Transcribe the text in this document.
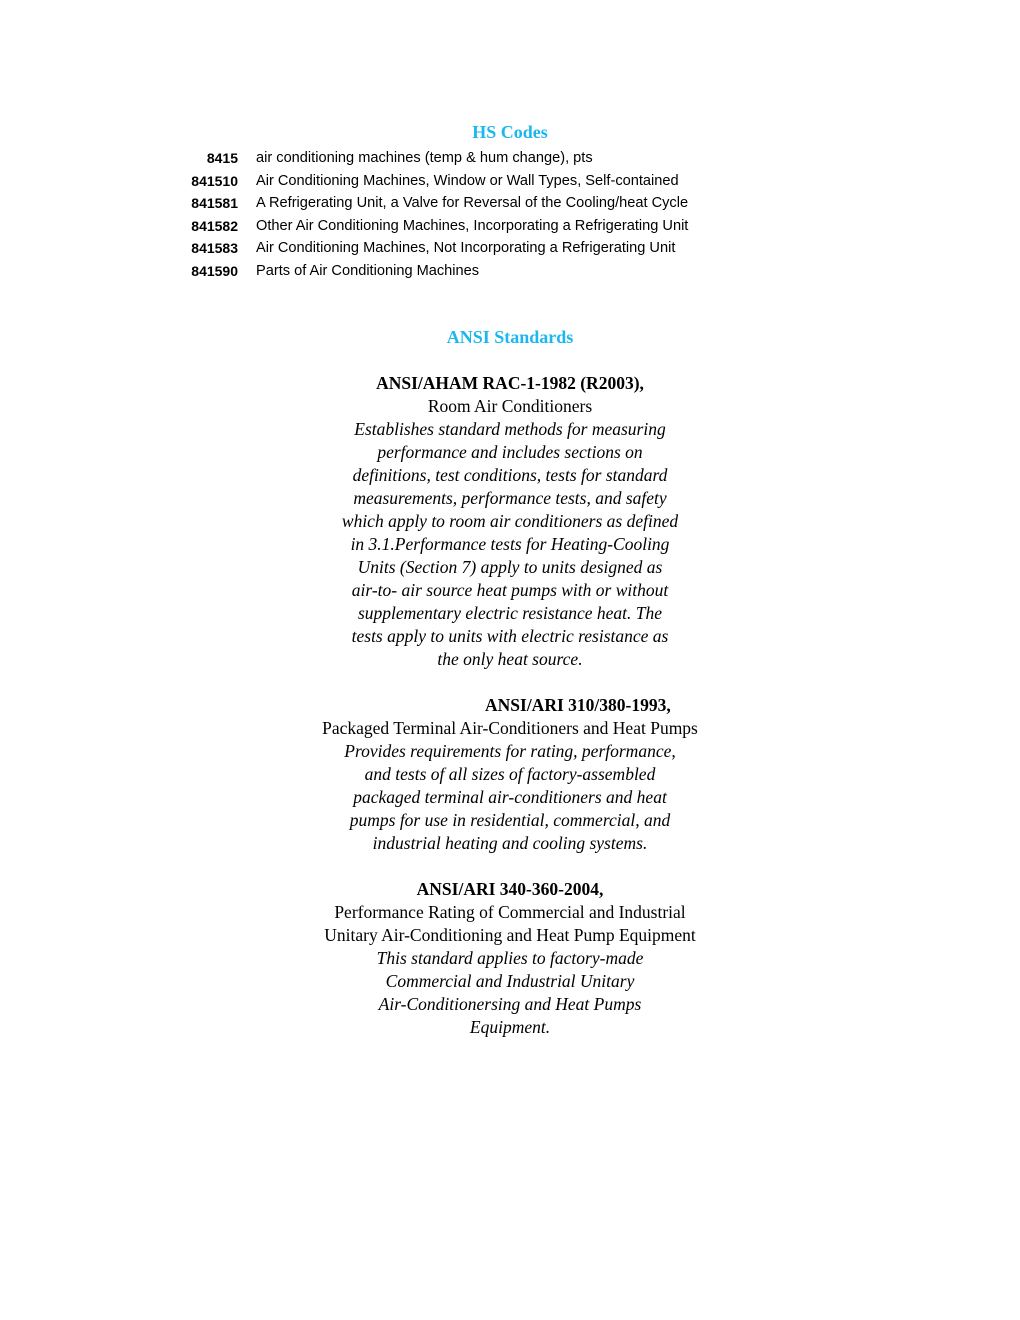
HS Codes
8415	air conditioning machines (temp & hum change), pts
841510	Air Conditioning Machines, Window or Wall Types, Self-contained
841581	A Refrigerating Unit, a Valve for Reversal of the Cooling/heat Cycle
841582	Other Air Conditioning Machines, Incorporating a Refrigerating Unit
841583	Air Conditioning Machines, Not Incorporating a Refrigerating Unit
841590	Parts of Air Conditioning Machines
ANSI Standards
ANSI/AHAM RAC-1-1982 (R2003),
Room Air Conditioners
Establishes standard methods for measuring
performance and includes sections on
definitions, test conditions, tests for standard
measurements, performance tests, and safety
which apply to room air conditioners as defined
in 3.1.Performance tests for Heating-Cooling
Units (Section 7) apply to units designed as
air-to- air source heat pumps with or without
supplementary electric resistance heat. The
tests apply to units with electric resistance as
the only heat source.
ANSI/ARI 310/380-1993,
Packaged Terminal Air-Conditioners and Heat Pumps
Provides requirements for rating, performance,
and tests of all sizes of factory-assembled
packaged terminal air-conditioners and heat
pumps for use in residential, commercial, and
industrial heating and cooling systems.
ANSI/ARI 340-360-2004,
Performance Rating of Commercial and Industrial
Unitary Air-Conditioning and Heat Pump Equipment
This standard applies to factory-made
Commercial and Industrial Unitary
Air-Conditionersing and Heat Pumps
Equipment.
